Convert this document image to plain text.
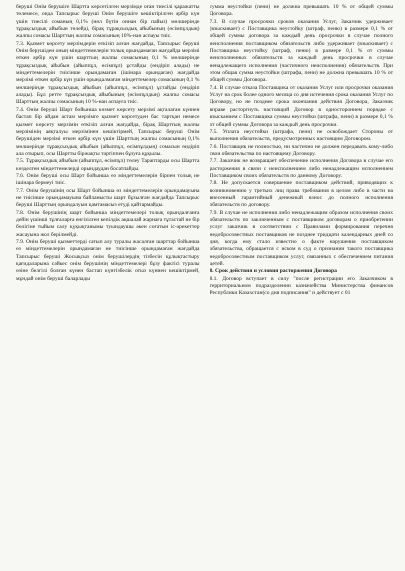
берушi Онiм берушiге Шартта көрсетiлген мерзiмде оған тиесiлi қаражатты төлемесе, онда Тапсырыс берушi Онiм берушiге кешiктiрiлген әрбiр күн үшiн тиесiлi соманың 0,1% (нөл бүтiн оннан бiр пайыз) мөлшерiнде тұрақсыздық айыбын төлейдi, бiрақ тұрақсыздық айыбының (өсiмпұлдың) жалпы сомасы Шарттың жалпы сомасының 10%-нан аспауы тиiс.

7.3. Қызмет көрсету мерзiмдерiн өткiзiп алған жағдайда, Тапсырыс берушi Онiм берушiден оның мiндеттемелерiн толық орындамаған жағдайда мерзiмi өткен әрбiр күн үшiн шарттың жалпы сомасының 0,1 % мөлшерiнде тұрақсыздық айыбын (айыппұл, өсiмпұл) ұстайды (өндiрiп алады) не мiндеттемелерiн тиiсiнше орындамаған (iшiнара орындаған) жағдайда мерзiмi өткен әрбiр күн үшiн орындалмаған мiндеттемелер сомасының 0,1 % мөлшерiнде тұрақсыздық айыбын (айыппұл, өсiмпұл) ұстайды (өндiрiп алады). Бұл ретте тұрақсыздық айыбының (өсiмпұлдың) жалпы сомасы Шарттың жалпы сомасының 10 %-нан аспауға тиiс.

7.4. Онiм берушi Шарт бойынша көзмет көрсету мерзiмi ақталаған күннен бастап бiр айдан астам мерзiмге қызмет көрсетуден бас тартқан немесе қызмет көрсету мерзiмiн өткiзiп алған жағдайда, бiрақ Шарттың жалпы мерзiмiнiң аяқталуы мерзiмiнен кешiктiрмей, Тапсырыс берушi Онiм берушiден мерзiмi өткен әрбiр күн үшiн Шарттың жалпы сомасының 0,1% мөлшерiнде тұрақсыздық айыбын (айыппұл, өсiмпұлдың) сомасын өндiрiп ала отырып, осы Шартты бiржақты тәртiппен бұзуға құқылы.

7.5. Тұрақсыздық айыбын (айыппұл, өсiмпұл) төлеу Тараптарды осы Шартта көзделген мiндеттемелердi орындаудан босатпайды.

7.6. Онiм берушi осы Шарт бойынша өз мiндеттемелерiн бiрпен толық не iшiнара бермеуi тиiс.

7.7. Онiм берушiнiң осы Шарт бойынша өз мiндеттемелерiн орындамауына не тиiсiнше орындамауына байланысты шарт бұзылған жағдайда Тапсырыс берушi Шарттың орындалуын қамтамасыз етуді қайтармайды.

7.8. Онiм берушiнiң шарт бойынша мiндеттемелерi толық орындалғанға дейiн үшiншi тұлғаларға енгiзiлген кепiлдiк ақшалай жарнаға тұтастай не бiр бөлiгiне тыйым салу қүқықтанымы туындаушы әкен соғатын iс-әрекеттер жасауына жол берiлмейдi.

7.9. Онiм берушi қызметтердi сатып алу туралы жасалған шарттар бойынша өз мiндеттемелерiн орындамаған не тиiсiнше орындамаған жағдайда Тапсырыс берушi Жосықсыз онiм берушiлердiң тiзбесiн құлықтастыру қағидаларына сәйкес онiм берушiнiң мiндеттемелерi бұзу фактiсi туралы өзiне белгiлi болған күнен бастап күнтiзбелiк отыз күннен кешiктiрмей, мұндай онiм берушi баларлады

сумма неустойки (пени) не должна превышать 10 % от общей суммы Договора.

7.3. В случае просрочки сроков оказания Услуг, Заказчик удерживает (взыскивает) с Поставщика неустойку (штраф, пеню) в размере 0,1 % от общей суммы договора за каждый день просрочки в случае полного неисполнения поставщиком обязательств либо удерживает (взыскивает) с Поставщика неустойку (штраф, пеню) в размере 0,1 % от суммы неисполненных обязательств за каждый день просрочки в случае ненадлежащего исполнения (частичного неисполнения) обязательств. При этом общая сумма неустойки (штрафа, пени) не должна превышать 10 % от общей суммы Договора.

7.4. В случае отказа Поставщика от оказания Услуг или просрочки оказания Услуг на срок более одного месяца со дня истечения срока оказания Услуг по Договору, но не позднее срока окончания действия Договора, Заказчик вправе расторгнуть настоящий Договор в одностороннем порядке с взысканием с Поставщика суммы неустойки (штрафа, пени) в размере 0,1 % от общей суммы Договора за каждый день просрочки.

7.5. Уплата неустойки (штрафа, пени) не освобождает Стороны от выполнения обязательств, предусмотренных настоящим Договором.

7.6. Поставщик не полностью, ни частично не должен передавать кому-либо свои обязательства по настоящему Договору.

7.7. Заказчик не возвращает обеспечение исполнения Договора в случае его расторжения в связи с неисполнением либо ненадлежащим исполнением Поставщиком своих обязательств по данному Договору.

7.8. Не допускается совершение поставщиком действий, приводящих к возникновению у третьих лиц права требования в целом либо в части на внесенный гарантийный денежный взнос до полного исполнения обязательств по договору.

7.9. В случае не исполнения либо ненадлежащим образом исполнения своих обязательств по заключенным с поставщиком договорам о приобретении услуг заказчик в соответствии с Правилами формирования перечня недобросовестных поставщиков не позднее тридцати календарных дней со дня, когда ему стало известно о факте нарушения поставщиком обязательства, обращается с иском в суд о признании такого поставщика недобросовестным поставщиком услуг, связанных с обеспечением питания детей.

8. Срок действия и условия расторжения Договора

8.1. Договор вступает в силу "после регистрации его Заказчиком в территориальном подразделении казначейства Министерства финансов Республики Казахстан(со дня подписания" и действует с 01
